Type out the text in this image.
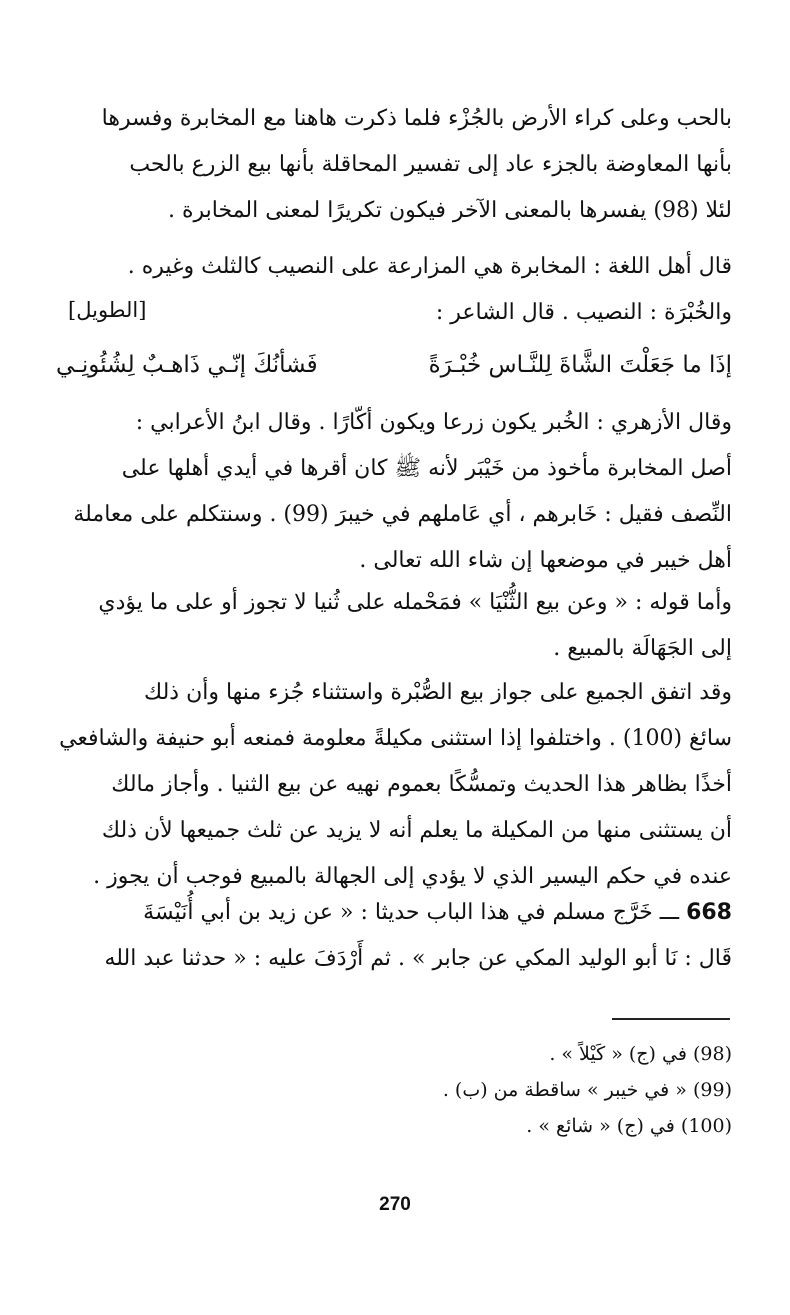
بالحب وعلى كراء الأرض بالجُزْء فلما ذكرت هاهنا مع المخابرة وفسرها
بأنها المعاوضة بالجزء عاد إلى تفسير المحاقلة بأنها بيع الزرع بالحب
لئلا (98) يفسرها بالمعنى الآخر فيكون تكريرًا لمعنى المخابرة .
قال أهل اللغة : المخابرة هي المزارعة على النصيب كالثلث وغيره .
والخُبْرَة : النصيب . قال الشاعر :
[الطويل]
إذَا ما جَعَلْتَ الشَّاةَ لِلنَّـاس خُبْـرَةً
فَشأنُكَ إنّـي ذَاهـبٌ لِشُئُونِـي
وقال الأزهري : الخُبر يكون زرعا ويكون أكّارًا . وقال ابنُ الأعرابي :
أصل المخابرة مأخوذ من خَيْبَر لأنه ﷺ كان أقرها في أيدي أهلها على
النِّصف فقيل : خَابرهم ، أي عَاملهم في خيبرَ (99) . وسنتكلم على معاملة
أهل خيبر في موضعها إن شاء الله تعالى .
وأما قوله : « وعن بيع الثُّنْيَا » فمَحْمله على ثُنيا لا تجوز أو على ما يؤدي
إلى الجَهَالَة بالمبيع .
وقد اتفق الجميع على جواز بيع الصُّبْرة واستثناء جُزء منها وأن ذلك
سائغ (100) . واختلفوا إذا استثنى مكيلةً معلومة فمنعه أبو حنيفة والشافعي
أخذًا بظاهر هذا الحديث وتمسُّكًا بعموم نهيه عن بيع الثنيا . وأجاز مالك
أن يستثنى منها من المكيلة ما يعلم أنه لا يزيد عن ثلث جميعها لأن ذلك
عنده في حكم اليسير الذي لا يؤدي إلى الجهالة بالمبيع فوجب أن يجوز .
668 ـــ خَرَّج مسلم في هذا الباب حديثا : « عن زيد بن أبي أُنَيْسَةَ
قَال : نَا أبو الوليد المكي عن جابر » . ثم أَرْدَفَ عليه : « حدثنا عبد الله
(98) في (ج) « كَيْلاً » .
(99) « في خيبر » ساقطة من (ب) .
(100) في (ج) « شائع » .
270
